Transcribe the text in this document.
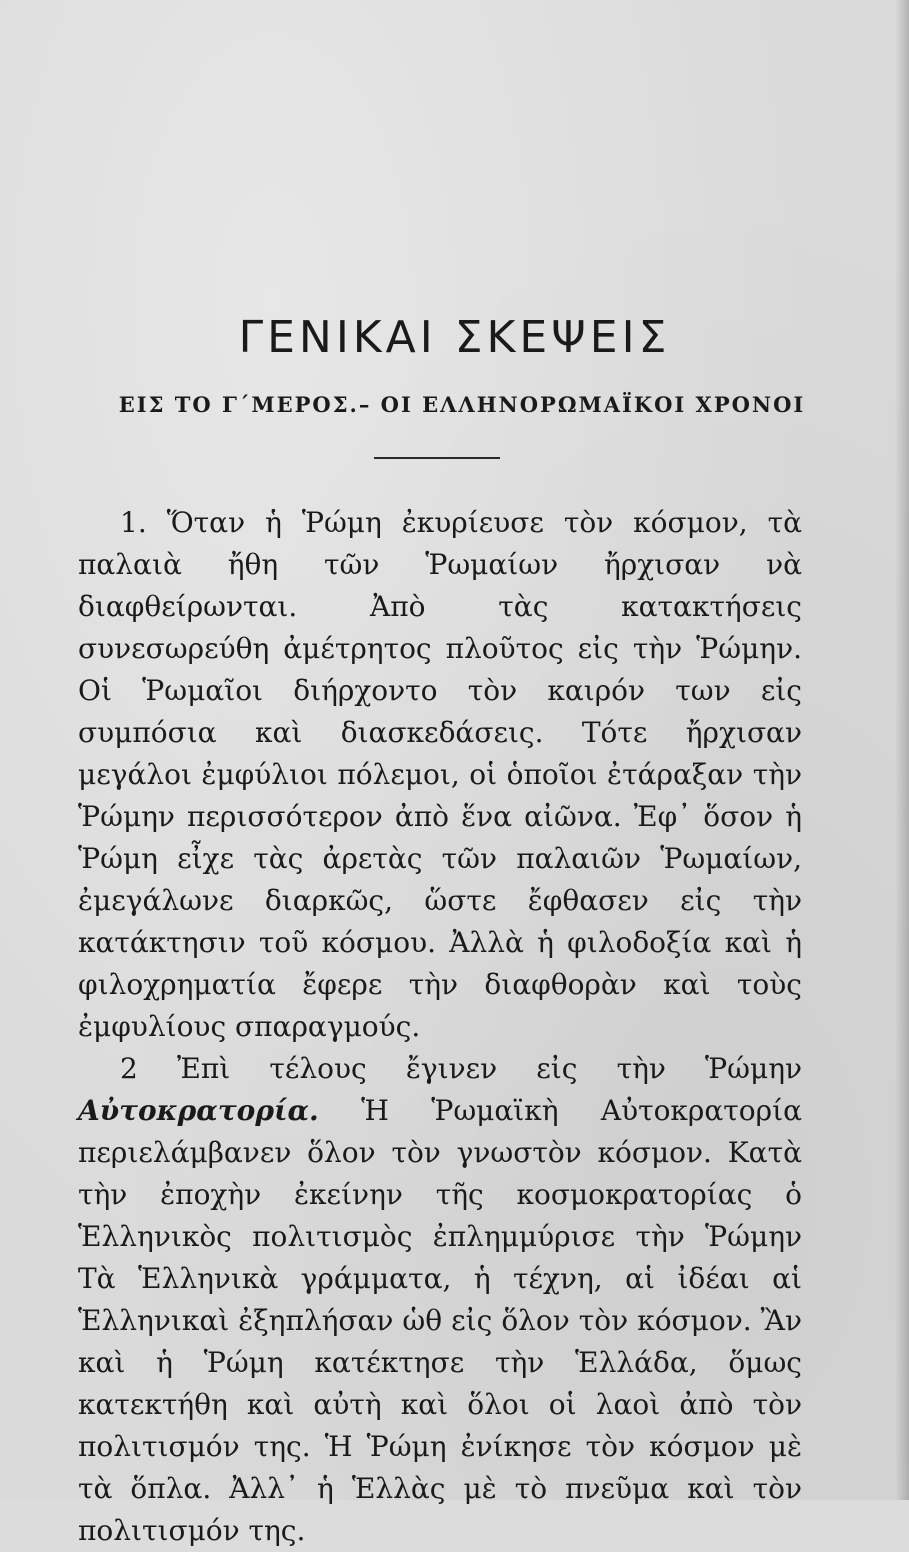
ΓΕΝΙΚΑΙ ΣΚΕΨΕΙΣ
ΕΙΣ ΤΟ Γ΄ΜΕΡΟΣ.– ΟΙ ΕΛΛΗΝΟΡΩΜΑΪΚΟΙ ΧΡΟΝΟΙ

1. Ὅταν ἡ Ῥώμη ἐκυρίευσε τὸν κόσμον, τὰ παλαιὰ ἤθη τῶν Ῥωμαίων ἤρχισαν νὰ διαφθείρωνται. Ἀπὸ τὰς κατακτήσεις συνεσωρεύθη ἀμέτρητος πλοῦτος εἰς τὴν Ῥώμην. Οἱ Ῥωμαῖοι διήρχοντο τὸν καιρόν των εἰς συμπόσια καὶ διασκεδάσεις. Τότε ἤρχισαν μεγάλοι ἐμφύλιοι πόλεμοι, οἱ ὁποῖοι ἐτάραξαν τὴν Ῥώμην περισσότερον ἀπὸ ἕνα αἰῶνα. Ἐφ᾽ ὅσον ἡ Ῥώμη εἶχε τὰς ἀρετὰς τῶν παλαιῶν Ῥωμαίων, ἐμεγάλωνε διαρκῶς, ὥστε ἔφθασεν εἰς τὴν κατάκτησιν τοῦ κόσμου. Ἀλλὰ ἡ φιλοδοξία καὶ ἡ φιλοχρηματία ἔφερε τὴν διαφθορὰν καὶ τοὺς ἐμφυλίους σπαραγμούς.

2 Ἐπὶ τέλους ἔγινεν εἰς τὴν Ῥώμην Αὐτοκρατορία. Ἡ Ῥωμαϊκὴ Αὐτοκρατορία περιελάμβανεν ὅλον τὸν γνωστὸν κόσμον. Κατὰ τὴν ἐποχὴν ἐκείνην τῆς κοσμοκρατορίας ὁ Ἑλληνικὸς πολιτισμὸς ἐπλημμύρισε τὴν Ῥώμην Τὰ Ἑλληνικὰ γράμματα, ἡ τέχνη, αἱ ἰδέαι αἱ Ἑλληνικαὶ ἐξηπλήσαν ὡθ εἰς ὅλον τὸν κόσμον. Ἂν καὶ ἡ Ῥώμη κατέκτησε τὴν Ἑλλάδα, ὅμως κατεκτήθη καὶ αὐτὴ καὶ ὅλοι οἱ λαοὶ ἀπὸ τὸν πολιτισμόν της. Ἡ Ῥώμη ἐνίκησε τὸν κόσμον μὲ τὰ ὅπλα. Ἀλλ᾽ ἡ Ἑλλὰς μὲ τὸ πνεῦμα καὶ τὸν πολιτισμόν της.
